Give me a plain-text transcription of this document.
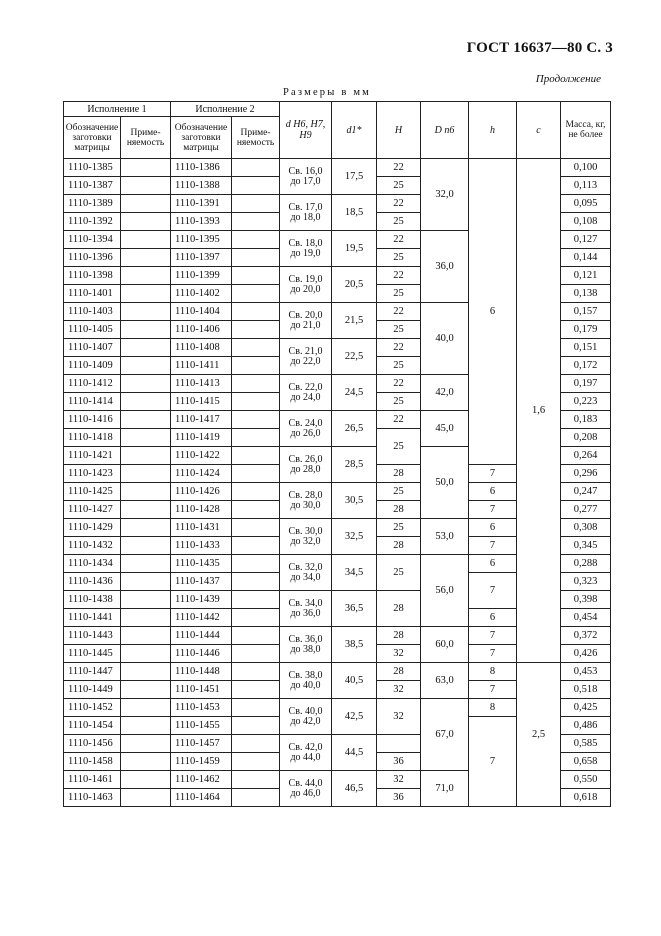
ГОСТ 16637—80 С. 3
Продолжение
Размеры в мм
Исполнение 1		Исполнение 2		d H6, H7, H9	d1*	H	D n6	h	c	Масса, кг, не более
Обозначение заготовки матрицы	Приме- няемость	Обозначение заготовки матрицы	Приме- няемость							
1110-1385		1110-1386		Св. 16,0
до 17,0	17,5	22	32,0	6	1,6	0,100
1110-1387		1110-1388				25				0,113
1110-1389		1110-1391		Св. 17,0
до 18,0	18,5	22				0,095
1110-1392		1110-1393				25				0,108
1110-1394		1110-1395		Св. 18,0
до 19,0	19,5	22	36,0			0,127
1110-1396		1110-1397				25				0,144
1110-1398		1110-1399		Св. 19,0
до 20,0	20,5	22				0,121
1110-1401		1110-1402				25				0,138
1110-1403		1110-1404		Св. 20,0
до 21,0	21,5	22	40,0			0,157
1110-1405		1110-1406				25				0,179
1110-1407		1110-1408		Св. 21,0
до 22,0	22,5	22				0,151
1110-1409		1110-1411				25				0,172
1110-1412		1110-1413		Св. 22,0
до 24,0	24,5	22	42,0			0,197
1110-1414		1110-1415				25				0,223
1110-1416		1110-1417		Св. 24,0
до 26,0	26,5	22	45,0			0,183
1110-1418		1110-1419				25				0,208
1110-1421		1110-1422		Св. 26,0
до 28,0	28,5		50,0			0,264
1110-1423		1110-1424				28		7		0,296
1110-1425		1110-1426		Св. 28,0
до 30,0	30,5	25		6		0,247
1110-1427		1110-1428				28		7		0,277
1110-1429		1110-1431		Св. 30,0
до 32,0	32,5	25	53,0	6		0,308
1110-1432		1110-1433				28		7		0,345
1110-1434		1110-1435		Св. 32,0
до 34,0	34,5	25	56,0	6		0,288
1110-1436		1110-1437						7		0,323
1110-1438		1110-1439		Св. 34,0
до 36,0	36,5	28				0,398
1110-1441		1110-1442						6		0,454
1110-1443		1110-1444		Св. 36,0
до 38,0	38,5	28	60,0	7		0,372
1110-1445		1110-1446				32		7		0,426
1110-1447		1110-1448		Св. 38,0
до 40,0	40,5	28	63,0	8	2,5	0,453
1110-1449		1110-1451				32		7		0,518
1110-1452		1110-1453		Св. 40,0
до 42,0	42,5	32	67,0	8		0,425
1110-1454		1110-1455						7		0,486
1110-1456		1110-1457		Св. 42,0
до 44,0	44,5					0,585
1110-1458		1110-1459				36				0,658
1110-1461		1110-1462		Св. 44,0
до 46,0	46,5	32	71,0			0,550
1110-1463		1110-1464				36				0,618
